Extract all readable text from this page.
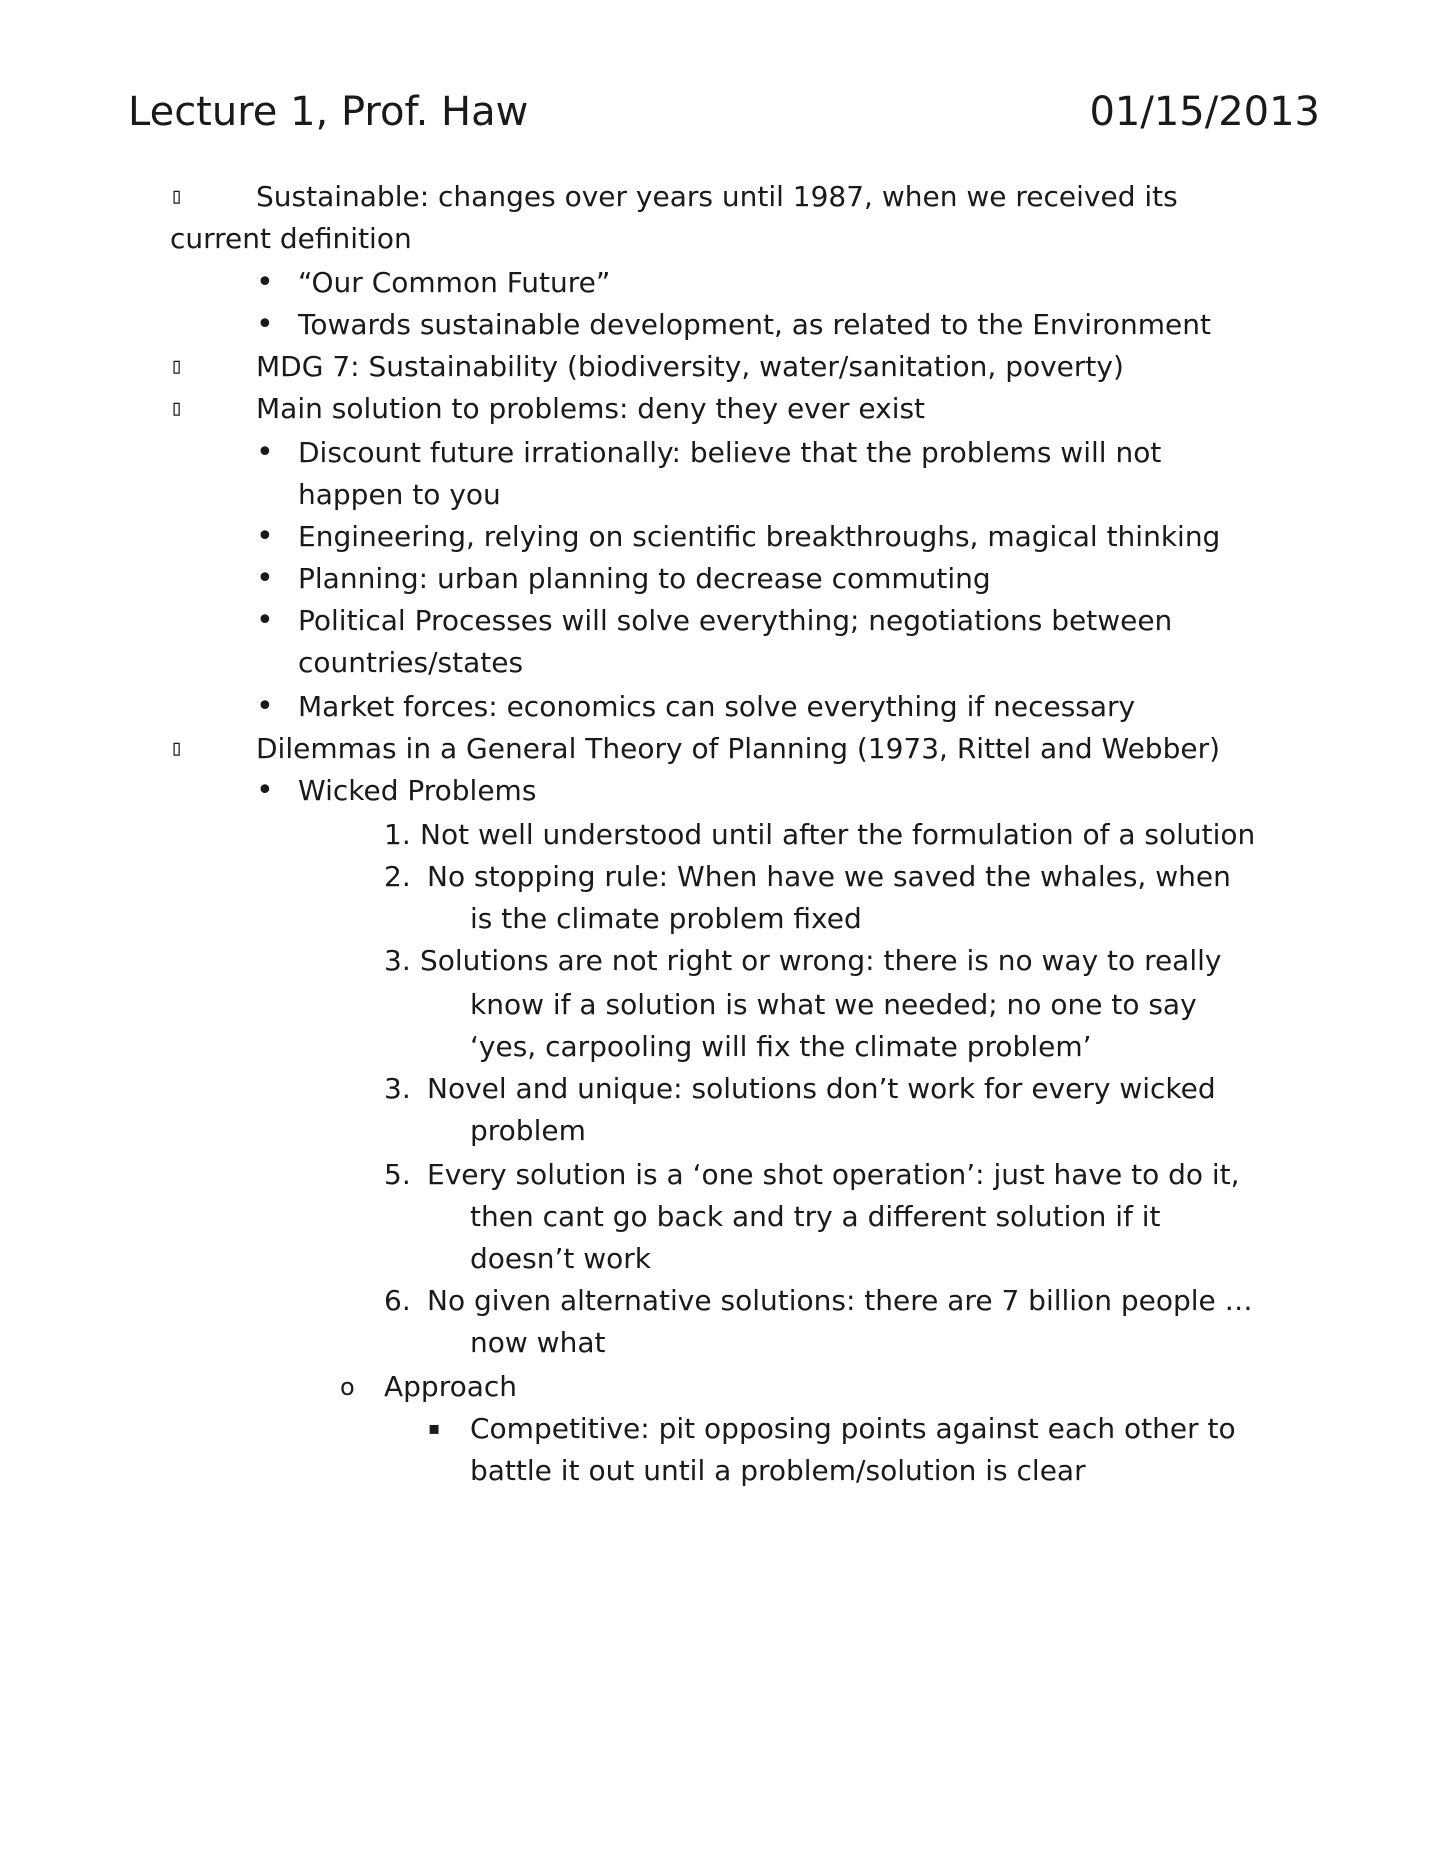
Lecture 1, Prof. Haw	01/15/2013
▯	Sustainable: changes over years until 1987, when we received its
current definition
• “Our Common Future”
• Towards sustainable development, as related to the Environment
▯	MDG 7: Sustainability (biodiversity, water/sanitation, poverty)
▯	Main solution to problems: deny they ever exist
• Discount future irrationally: believe that the problems will not
happen to you
• Engineering, relying on scientific breakthroughs, magical thinking
• Planning: urban planning to decrease commuting
• Political Processes will solve everything; negotiations between
countries/states
• Market forces: economics can solve everything if necessary
▯	Dilemmas in a General Theory of Planning (1973, Rittel and Webber)
• Wicked Problems
1. Not well understood until after the formulation of a solution
2. No stopping rule: When have we saved the whales, when
is the climate problem fixed
3. Solutions are not right or wrong: there is no way to really
know if a solution is what we needed; no one to say
‘yes, carpooling will fix the climate problem’
3. Novel and unique: solutions don’t work for every wicked
problem
5. Every solution is a ‘one shot operation’: just have to do it,
then cant go back and try a different solution if it
doesn’t work
6. No given alternative solutions: there are 7 billion people …
now what
o Approach
▪ Competitive: pit opposing points against each other to
battle it out until a problem/solution is clear
